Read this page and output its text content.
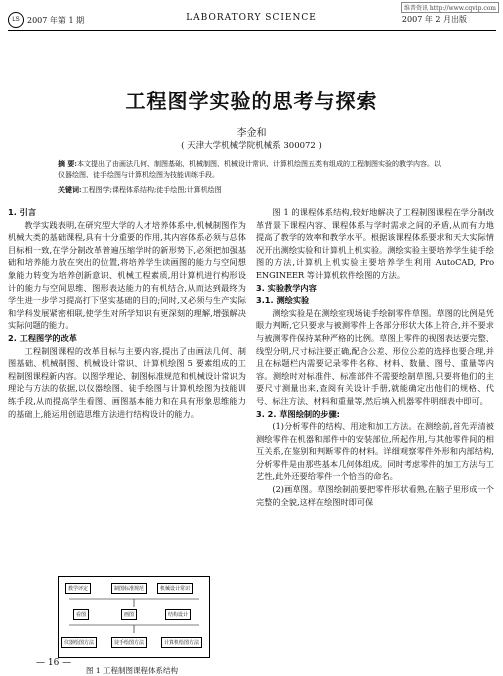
维普资讯 http://www.cqvip.com
LS 2007 年第 1 期	LABORATORY SCIENCE	2007 年 2 月出版
工程图学实验的思考与探索
李金和
( 天津大学机械学院机械系 300072 )
摘 要:本文提出了由画法几何、制图基础、机械制图、机械设计常识、计算机绘图五类有组成的工程制图实验的教学内容。以仪器绘图、徒手绘图与计算机绘图为技能训练手段。
关键词:工程图学;课程体系结构;徒手绘图;计算机绘图
1. 引言

教学实践表明,在研究型大学的人才培养体系中,机械制图作为机械大类的基础课程,具有十分重要的作用,其内容体系必须与总体目标相一致,在学分制改革普遍压缩学时的新形势下,必须把加强基础和培养能力放在突出的位置,将培养学生读画图的能力与空间想象能力转变为培养创新意识、机械工程素质,用计算机进行构形设计的能力与空间思维、图形表达能力的有机结合,从而达到最终为学生进一步学习提高打下坚实基础的目的;同时,又必须与生产实际和学科发展紧密相联,使学生对所学知识有更深刻的理解,增强解决实际问题的能力。

2. 工程图学的改革

工程制图课程的改革目标与主要内容,提出了由画法几何、制图基础、机械制图、机械设计常识、计算机绘图 5 要素组成的工程制图课程新内容。以图学理论、制图标准规范和机械设计常识为理论与方法的依据,以仪器绘图、徒手绘图与计算机绘图为技能训练手段,从而提高学生看图、画图基本能力和在具有形象思维能力的基础上,能运用创造思维方法进行结构设计的能力。

教学评定	制图标准规范	机械设计常识
看图	画图	结构设计
仪器绘图方法	徒手绘图方法	计算机绘图方法
图 1 工程制图课程体系结构

图 1 的课程体系结构,较好地解决了工程制图课程在学分制改革背景下课程内容、课程体系与学时需求之间的矛盾,从而有力地提高了教学的效率和教学水平。根据该课程体系要求和天大实际情况开出测绘实验和计算机上机实验。测绘实验主要培养学生徒手绘图的方法,计算机上机实验主要培养学生利用 AutoCAD, Pro ENGINEER 等计算机软件绘图的方法。

3. 实验教学内容
3.1. 测绘实验

测绘实验是在测绘室现场徒手绘制零件草图。草图的比例是凭眼力判断,它只要求与被测零件上各部分形状大体上符合,并不要求与被测零件保持某种严格的比例。草图上零件的视图表达要完整、线型分明,尺寸标注要正确,配合公差、形位公差的选择也要合理,并且在标题栏内需要记录零件名称、材料、数量、图号、重量等内容。测绘时对标准件、标准部件不需要绘制草图,只要将他们的主要尺寸测量出来,查阅有关设计手册,就能确定出他们的规格、代号、标注方法、材料和重量等,然后填入机器零件明细表中即可。

3. 2. 草图绘制的步骤:

(1)分析零件的结构、用途和加工方法。在测绘前,首先弄清被测绘零件在机器和部件中的安装部位,所起作用,与其他零件间的相互关系,在鉴别和判断零件的材料。详细观察零件外形和内部结构,分析零件是由那些基本几何体组成。同时考虑零件的加工方法与工艺性,此外还要给零件一个恰当的命名。

(2)画草图。草图绘制前要把零件形状看熟,在脑子里形成一个完整的全貌,这样在绘图时即可保

— 16 —
